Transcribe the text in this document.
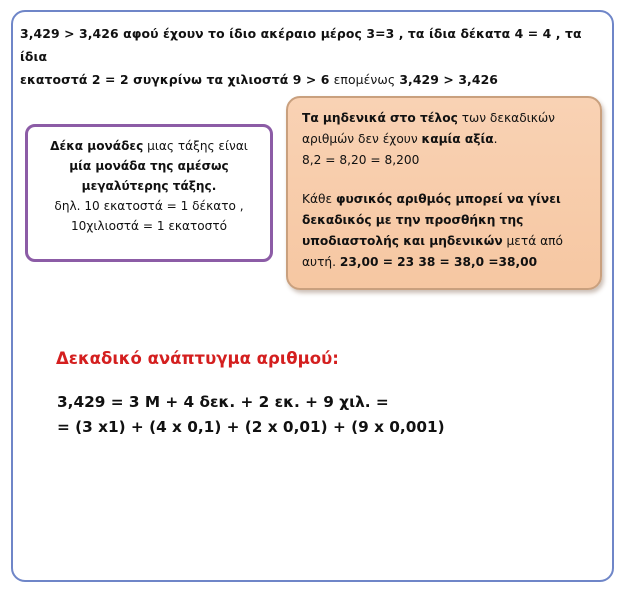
3,429 > 3,426 αφού έχουν το ίδιο ακέραιο μέρος 3=3 , τα ίδια δέκατα 4 = 4 , τα ίδια
εκατοστά 2 = 2 συγκρίνω τα χιλιοστά 9 > 6 επομένως 3,429 > 3,426
Δέκα μονάδες μιας τάξης είναι
μία μονάδα της αμέσως
μεγαλύτερης τάξης.
δηλ. 10 εκατοστά = 1 δέκατο ,
10χιλιοστά = 1 εκατοστό
Τα μηδενικά στο τέλος των δεκαδικών
αριθμών δεν έχουν καμία αξία.
8,2 = 8,20 = 8,200
Κάθε φυσικός αριθμός μπορεί να γίνει
δεκαδικός με την προσθήκη της
υποδιαστολής και μηδενικών μετά από
αυτή. 23,00 = 23 38 = 38,0 =38,00
Δεκαδικό ανάπτυγμα αριθμού:
3,429 = 3 Μ + 4 δεκ. + 2 εκ. + 9 χιλ. =
= (3 x1) + (4 x 0,1) + (2 x 0,01) + (9 x 0,001)
